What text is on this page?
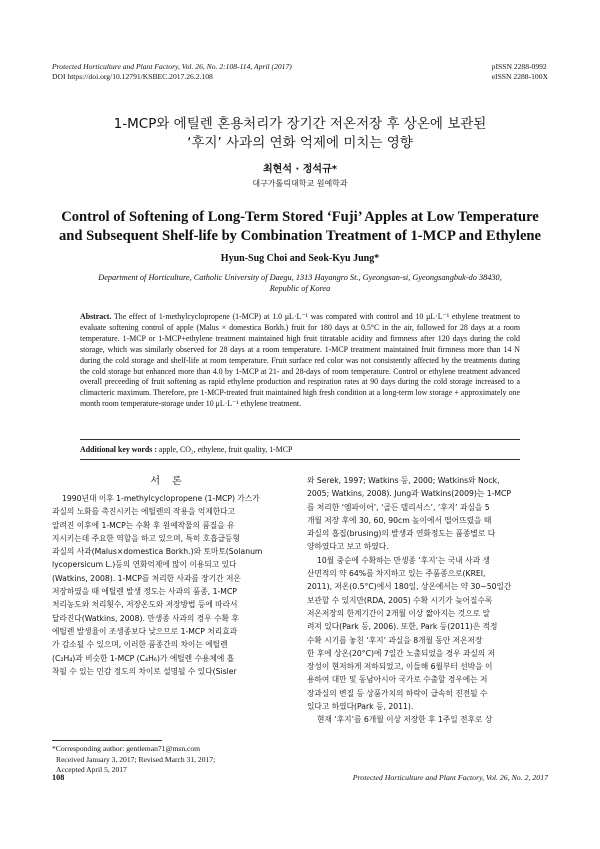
Protected Horticulture and Plant Factory, Vol. 26, No. 2:108-114, April (2017)
DOI https://doi.org/10.12791/KSBEC.2017.26.2.108
pISSN 2288-0992
eISSN 2288-100X
1-MCP와 에틸렌 혼용처리가 장기간 저온저장 후 상온에 보관된
‘후지’ 사과의 연화 억제에 미치는 영향
최현석 · 정석규*
대구가톨릭대학교 원예학과
Control of Softening of Long-Term Stored ‘Fuji’ Apples at Low Temperature
and Subsequent Shelf-life by Combination Treatment of 1-MCP and Ethylene
Hyun-Sug Choi and Seok-Kyu Jung*
Department of Horticulture, Catholic University of Daegu, 1313 Hayangro St., Gyeongsan-si, Gyeongsangbuk-do 38430,
Republic of Korea
Abstract. The effect of 1-methylcyclopropene (1-MCP) at 1.0 μL·L⁻¹ was compared with control and 10 μL·L⁻¹ ethylene treatment to evaluate softening control of apple (Malus × domestica Borkh.) fruit for 180 days at 0.5°C in the air, followed for 28 days at a room temperature. 1-MCP or 1-MCP+ethylene treatment maintained high fruit titratable acidity and firmness after 120 days during the cold storage, which was similarly observed for 28 days at a room temperature. 1-MCP treatment maintained fruit firmness more than 14 N during the cold storage and shelf-life at room temperature. Fruit surface red color was not consistently affected by the treatments during the cold storage but enhanced more than 4.0 by 1-MCP at 21- and 28-days of room temperature. Control or ethylene treatment advanced overall preceeding of fruit softening as rapid ethylene production and respiration rates at 90 days during the cold storage increased to a climacteric maximum. Therefore, pre 1-MCP-treated fruit maintained high fresh condition at a long-term low storage + approximately one month room temperature-storage under 10 μL·L⁻¹ ethylene treatment.
Additional key words : apple, CO₂, ethylene, fruit quality, 1-MCP
서론
1990년대 이후 1-methylcyclopropene (1-MCP) 가스가
과실의 노화를 촉진시키는 에틸렌의 작용을 억제한다고
알려진 이후에 1-MCP는 수확 후 원예작물의 품질을 유
지시키는데 주요한 역할을 하고 있으며, 특히 호흡급등형
과실의 사과(Malus×domestica Borkh.)와 토마토(Solanum
lycopersicum L.)등의 연화억제에 많이 이용되고 있다
(Watkins, 2008). 1-MCP를 처리한 사과를 장기간 저온
저장하였을 때 에틸렌 발생 정도는 사과의 품종, 1-MCP
처리농도와 처리횟수, 저장온도와 저장방법 등에 따라서
달라진다(Watkins, 2008). 만생종 사과의 경우 수확 후
에틸렌 발생율이 조생종보다 낮으므로 1-MCP 처리효과
가 감소될 수 있으며, 이러한 품종간의 차이는 에틸렌
(C₂H₄)과 비슷한 1-MCP (C₄H₆)가 에틸렌 수용체에 흡
착될 수 있는 민감 정도의 차이로 설명될 수 있다(Sisler
와 Serek, 1997; Watkins 등, 2000; Watkins와 Nock,
2005; Watkins, 2008). Jung과 Watkins(2009)는 1-MCP
를 처리한 ‘엠파이어’, ‘골든 델리셔스’, ‘후지’ 과실을 5
개월 저장 후에 30, 60, 90cm 높이에서 떨어뜨렸을 때
과실의 흡집(brusing)의 발생과 연화정도는 품종별로 다
양하였다고 보고 하였다.
10월 중순에 수확하는 만생종 ‘후지’는 국내 사과 생
산면적의 약 64%를 차지하고 있는 주품종으로(KREI,
2011), 저온(0.5°C)에서 180일, 상온에서는 약 30~50일간
보관할 수 있지만(RDA, 2005) 수확 시기가 늦어질수록
저온저장의 한계기간이 2개월 이상 짧아지는 것으로 알
려져 있다(Park 등, 2006). 또한, Park 등(2011)은 적정
수확 시기를 놓친 ‘후지’ 과실을 8개월 동안 저온저장
한 후에 상온(20°C)에 7일간 노출되었을 경우 과실의 저
장성이 현저하게 저하되었고, 이들해 6월부터 선박을 이
용하여 대만 및 동남아시아 국가로 수출할 경우에는 저
장과실의 변질 등 상품가치의 하락이 급속히 진전될 수
있다고 하였다(Park 등, 2011).
현재 ‘후지’를 6개월 이상 저장한 후 1주일 전후로 상
*Corresponding author: gentleman71@msn.com
Received January 3, 2017; Revised March 31, 2017;
Accepted April 5, 2017
108	Protected Horticulture and Plant Factory, Vol. 26, No. 2, 2017
